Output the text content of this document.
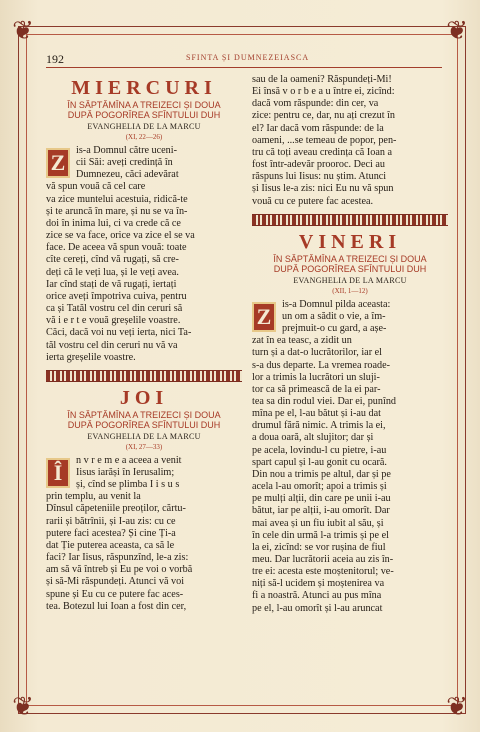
❦	❦
❦	❦
192	SFINTA ȘI DUMNEZEIASCA
MIERCURI
ÎN SĂPTĂMÎNA A TREIZECI ȘI DOUA
DUPĂ POGORÎREA SFÎNTULUI DUH
EVANGHELIA DE LA MARCU
(XI, 22—26)
Z	is-a Domnul către uceni-
cii Săi: aveți credință în
Dumnezeu, căci adevărat
vă spun vouă că cel care
va zice muntelui acestuia, ridică-te
și te aruncă în mare, și nu se va în-
doi în inima lui, ci va crede că ce
zice se va face, orice va zice el se va
face. De aceea vă spun vouă: toate
cîte cereți, cînd vă rugați, să cre-
deți că le veți lua, și le veți avea.
Iar cînd stați de vă rugați, iertați
orice aveți împotriva cuiva, pentru
ca și Tatăl vostru cel din ceruri să
vă i e r t e vouă greșelile voastre.
Căci, dacă voi nu veți ierta, nici Ta-
tăl vostru cel din ceruri nu vă va
ierta greșelile voastre.
JOI
ÎN SĂPTĂMÎNA A TREIZECI ȘI DOUA
DUPĂ POGORÎREA SFÎNTULUI DUH
EVANGHELIA DE LA MARCU
(XI, 27—33)
Î	n v r e m e a aceea a venit
Iisus iarăși în Ierusalim;
și, cînd se plimba I i s u s
prin templu, au venit la
Dînsul căpeteniile preoților, cărtu-
rarii și bătrînii, și I-au zis: cu ce
putere faci acestea? Și cine Ți-a
dat Ție puterea aceasta, ca să le
faci? Iar Iisus, răspunzînd, le-a zis:
am să vă întreb și Eu pe voi o vorbă
și să-Mi răspundeți. Atunci vă voi
spune și Eu cu ce putere fac aces-
tea. Botezul lui Ioan a fost din cer,
sau de la oameni? Răspundeți-Mi!
Ei însă v o r b e a u între ei, zicînd:
dacă vom răspunde: din cer, va
zice: pentru ce, dar, nu ați crezut în
el? Iar dacă vom răspunde: de la
oameni, ...se temeau de popor, pen-
tru că toți aveau credința că Ioan a
fost într-adevăr prooroc. Deci au
răspuns lui Iisus: nu știm. Atunci
și Iisus le-a zis: nici Eu nu vă spun
vouă cu ce putere fac acestea.
VINERI
ÎN SĂPTĂMÎNA A TREIZECI ȘI DOUA
DUPĂ POGORÎREA SFÎNTULUI DUH
EVANGHELIA DE LA MARCU
(XII, 1—12)
Z	is-a Domnul pilda aceasta:
un om a sădit o vie, a îm-
prejmuit-o cu gard, a așe-
zat în ea teasc, a zidit un
turn și a dat-o lucrătorilor, iar el
s-a dus departe. La vremea roade-
lor a trimis la lucrători un sluji-
tor ca să primească de la ei par-
tea sa din rodul viei. Dar ei, punînd
mîna pe el, l-au bătut și i-au dat
drumul fără nimic. A trimis la ei,
a doua oară, alt slujitor; dar și
pe acela, lovindu-l cu pietre, i-au
spart capul și l-au gonit cu ocară.
Din nou a trimis pe altul, dar și pe
acela l-au omorît; apoi a trimis și
pe mulți alții, din care pe unii i-au
bătut, iar pe alții, i-au omorît. Dar
mai avea și un fiu iubit al său, și
în cele din urmă l-a trimis și pe el
la ei, zicînd: se vor rușina de fiul
meu. Dar lucrătorii aceia au zis în-
tre ei: acesta este moștenitorul; ve-
niți să-l ucidem și moștenirea va
fi a noastră. Atunci au pus mîna
pe el, l-au omorît și l-au aruncat
